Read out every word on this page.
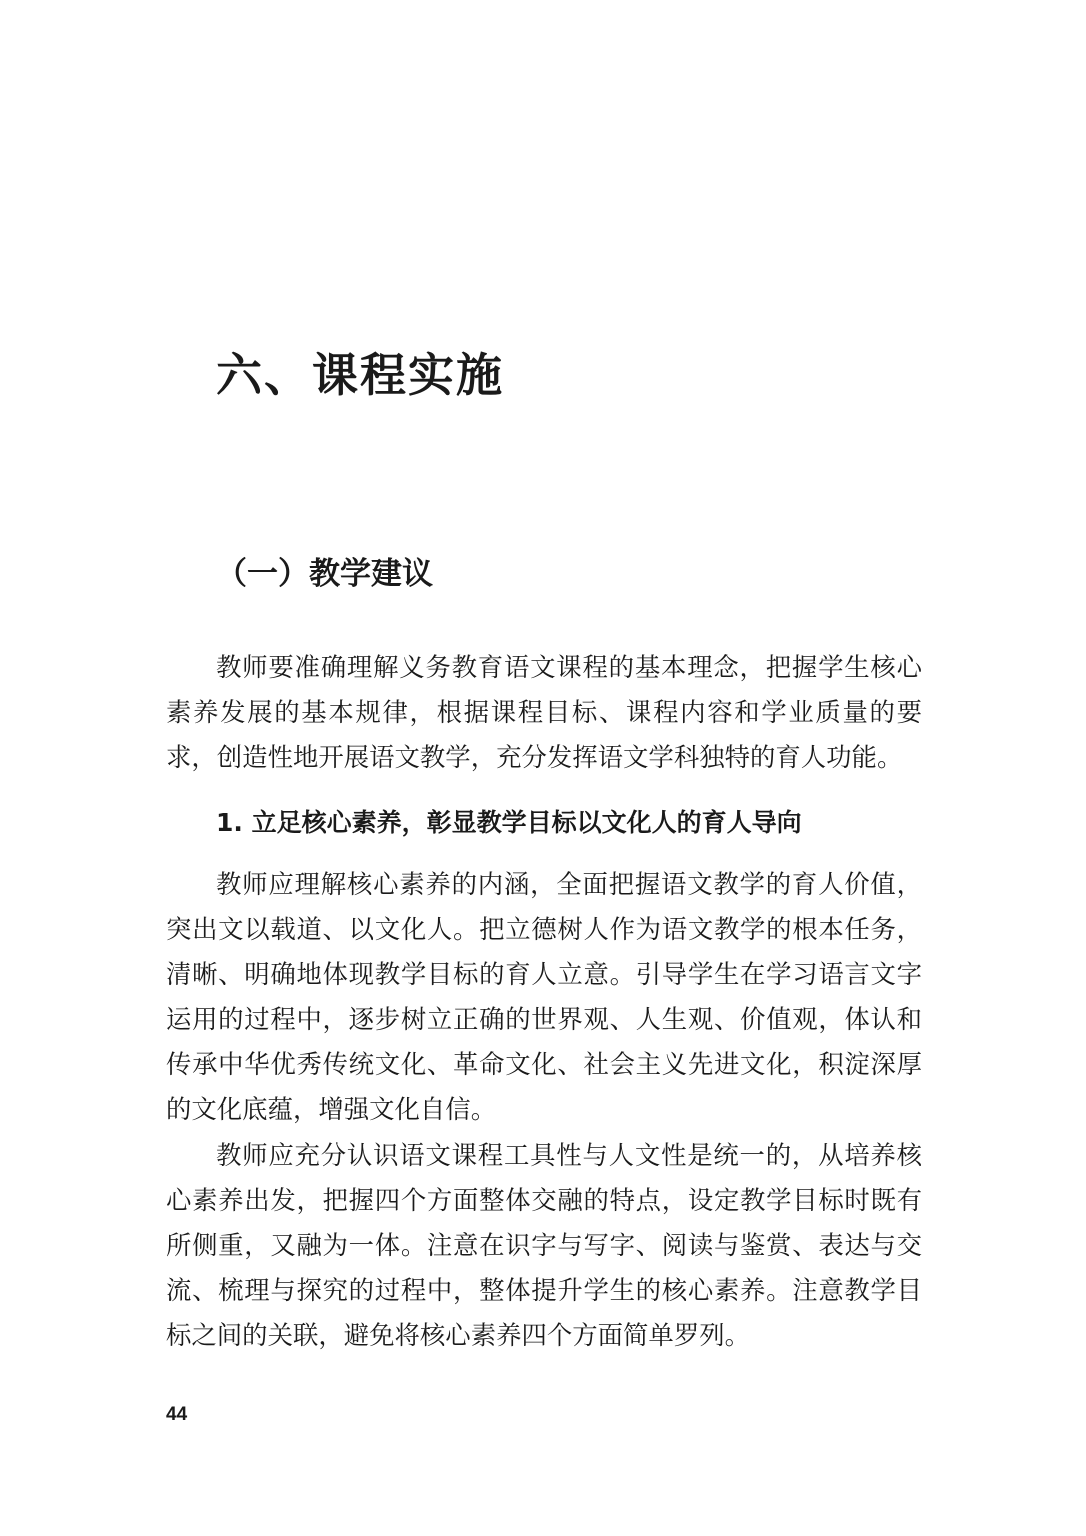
六、课程实施
（一）教学建议

教师要准确理解义务教育语文课程的基本理念，把握学生核心素养发展的基本规律，根据课程目标、课程内容和学业质量的要求，创造性地开展语文教学，充分发挥语文学科独特的育人功能。

1. 立足核心素养，彰显教学目标以文化人的育人导向

教师应理解核心素养的内涵，全面把握语文教学的育人价值，突出文以载道、以文化人。把立德树人作为语文教学的根本任务，清晰、明确地体现教学目标的育人立意。引导学生在学习语言文字运用的过程中，逐步树立正确的世界观、人生观、价值观，体认和传承中华优秀传统文化、革命文化、社会主义先进文化，积淀深厚的文化底蕴，增强文化自信。

教师应充分认识语文课程工具性与人文性是统一的，从培养核心素养出发，把握四个方面整体交融的特点，设定教学目标时既有所侧重，又融为一体。注意在识字与写字、阅读与鉴赏、表达与交流、梳理与探究的过程中，整体提升学生的核心素养。注意教学目标之间的关联，避免将核心素养四个方面简单罗列。

44
